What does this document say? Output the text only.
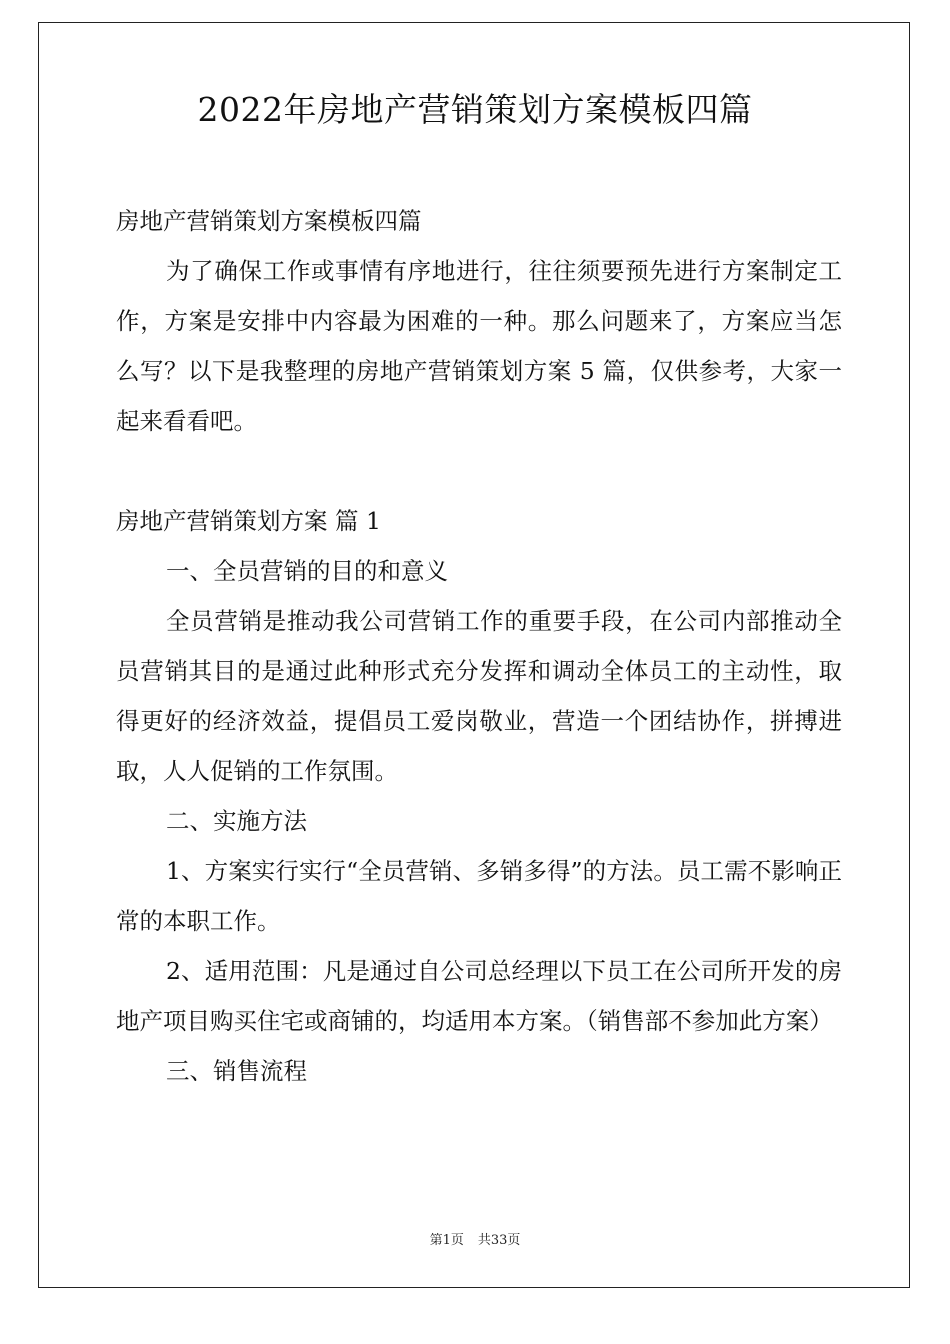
2022年房地产营销策划方案模板四篇

房地产营销策划方案模板四篇

为了确保工作或事情有序地进行，往往须要预先进行方案制定工作，方案是安排中内容最为困难的一种。那么问题来了，方案应当怎么写？以下是我整理的房地产营销策划方案 5 篇，仅供参考，大家一起来看看吧。

房地产营销策划方案 篇 1

一、全员营销的目的和意义

全员营销是推动我公司营销工作的重要手段，在公司内部推动全员营销其目的是通过此种形式充分发挥和调动全体员工的主动性，取得更好的经济效益，提倡员工爱岗敬业，营造一个团结协作，拼搏进取，人人促销的工作氛围。

二、实施方法

1、方案实行实行“全员营销、多销多得”的方法。员工需不影响正常的本职工作。

2、适用范围：凡是通过自公司总经理以下员工在公司所开发的房地产项目购买住宅或商铺的，均适用本方案。（销售部不参加此方案）

三、销售流程

第1页 共33页
